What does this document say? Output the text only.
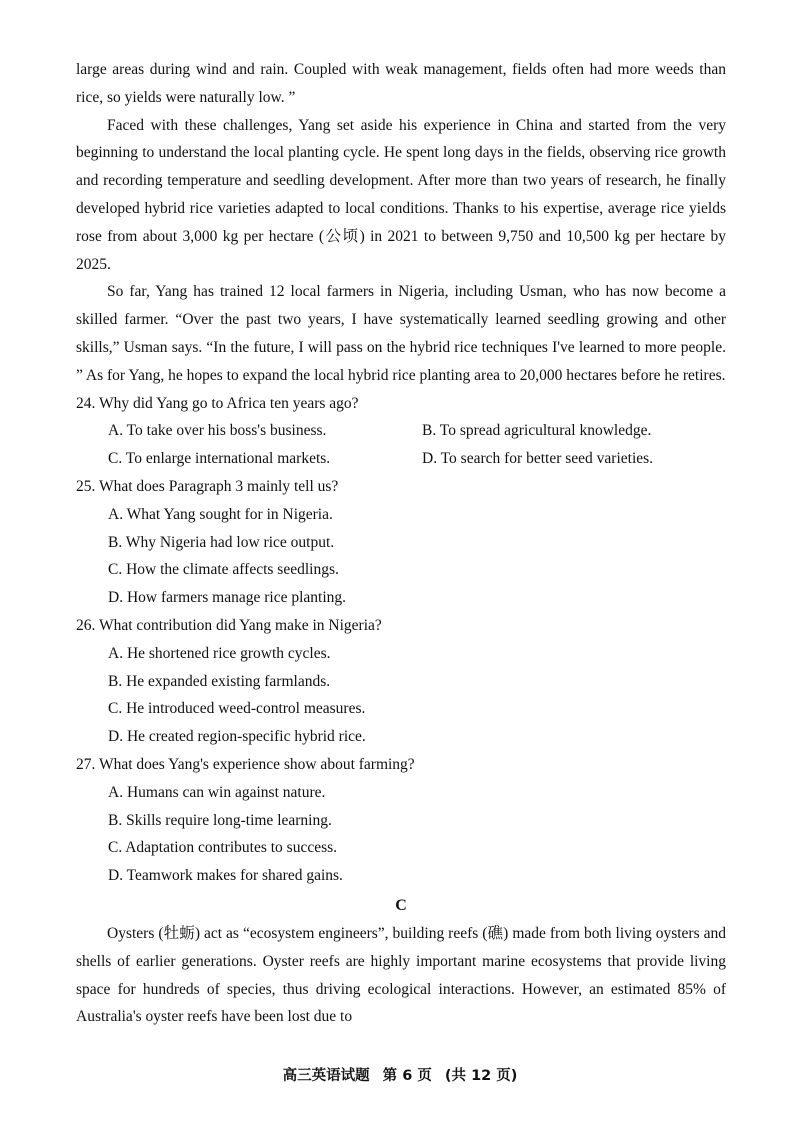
large areas during wind and rain. Coupled with weak management, fields often had more weeds than rice, so yields were naturally low. ”

Faced with these challenges, Yang set aside his experience in China and started from the very beginning to understand the local planting cycle. He spent long days in the fields, observing rice growth and recording temperature and seedling development. After more than two years of research, he finally developed hybrid rice varieties adapted to local conditions. Thanks to his expertise, average rice yields rose from about 3,000 kg per hectare (公顷) in 2021 to between 9,750 and 10,500 kg per hectare by 2025.

So far, Yang has trained 12 local farmers in Nigeria, including Usman, who has now become a skilled farmer. “Over the past two years, I have systematically learned seedling growing and other skills,” Usman says. “In the future, I will pass on the hybrid rice techniques I've learned to more people. ” As for Yang, he hopes to expand the local hybrid rice planting area to 20,000 hectares before he retires.

24. Why did Yang go to Africa ten years ago?
A. To take over his boss's business.	B. To spread agricultural knowledge.
C. To enlarge international markets.	D. To search for better seed varieties.
25. What does Paragraph 3 mainly tell us?
A. What Yang sought for in Nigeria.
B. Why Nigeria had low rice output.
C. How the climate affects seedlings.
D. How farmers manage rice planting.
26. What contribution did Yang make in Nigeria?
A. He shortened rice growth cycles.
B. He expanded existing farmlands.
C. He introduced weed-control measures.
D. He created region-specific hybrid rice.
27. What does Yang's experience show about farming?
A. Humans can win against nature.
B. Skills require long-time learning.
C. Adaptation contributes to success.
D. Teamwork makes for shared gains.
C

Oysters (牡蛎) act as “ecosystem engineers”, building reefs (礁) made from both living oysters and shells of earlier generations. Oyster reefs are highly important marine ecosystems that provide living space for hundreds of species, thus driving ecological interactions. However, an estimated 85% of Australia's oyster reefs have been lost due to

高三英语试题 第 6 页 (共 12 页)
